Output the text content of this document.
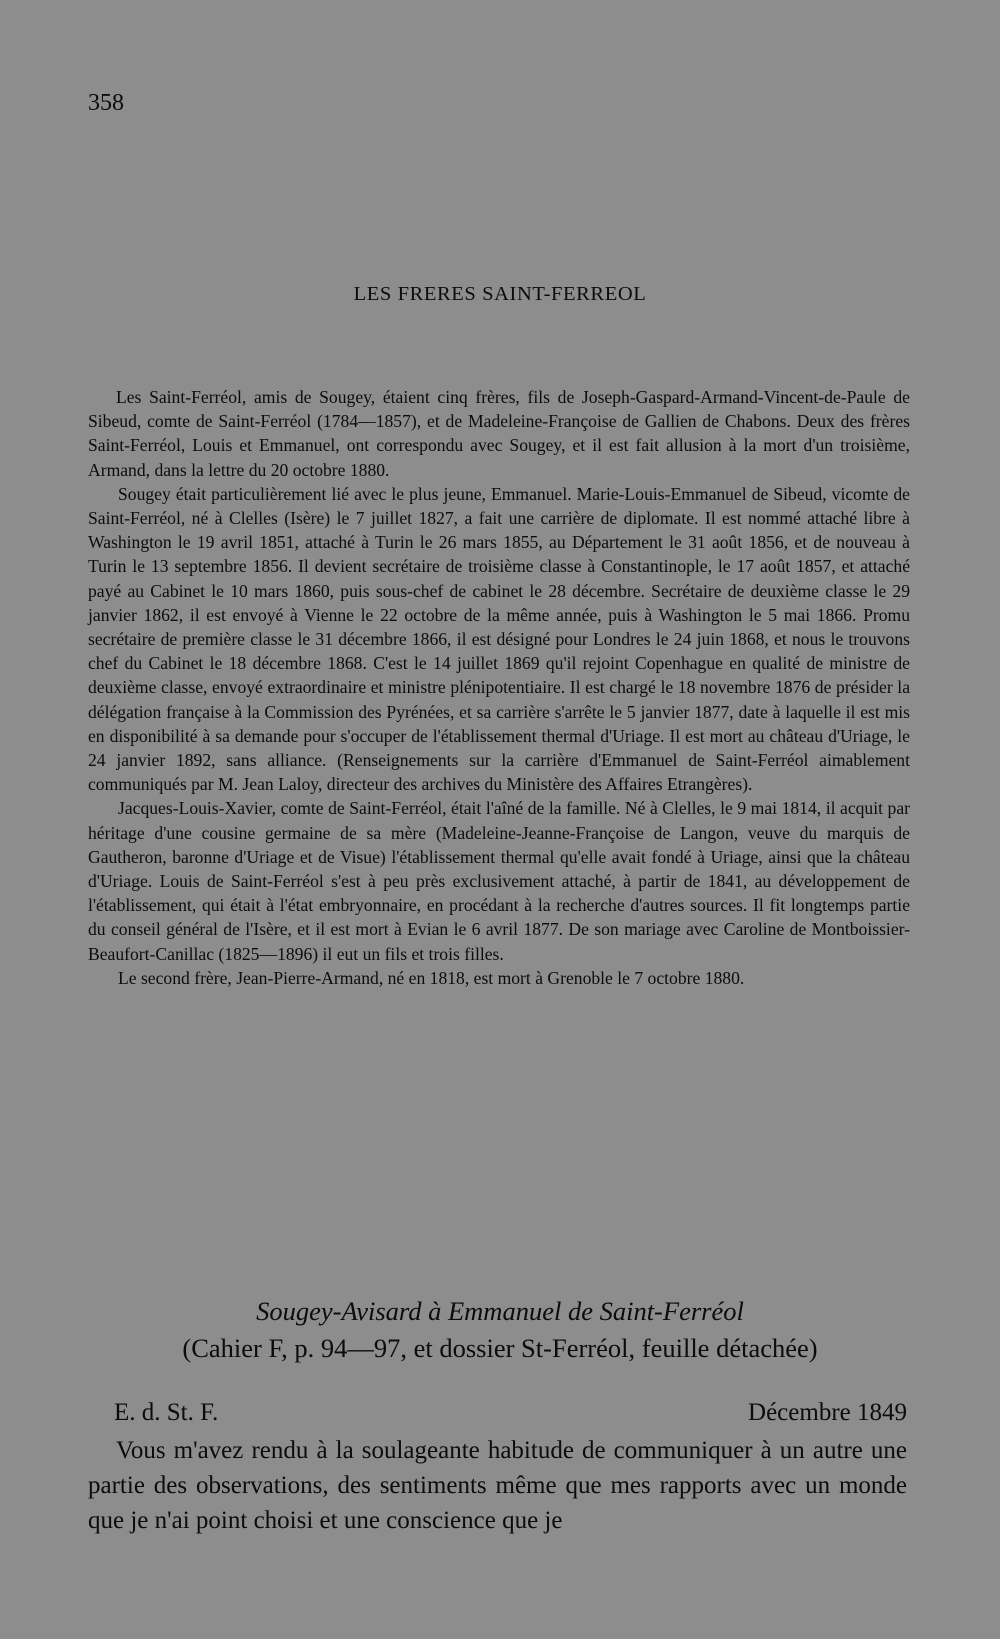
358
LES FRERES SAINT-FERREOL

Les Saint-Ferréol, amis de Sougey, étaient cinq frères, fils de Joseph-Gaspard-Armand-Vincent-de-Paule de Sibeud, comte de Saint-Ferréol (1784—1857), et de Madeleine-Françoise de Gallien de Chabons. Deux des frères Saint-Ferréol, Louis et Emmanuel, ont correspondu avec Sougey, et il est fait allusion à la mort d'un troisième, Armand, dans la lettre du 20 octobre 1880.

Sougey était particulièrement lié avec le plus jeune, Emmanuel. Marie-Louis-Emmanuel de Sibeud, vicomte de Saint-Ferréol, né à Clelles (Isère) le 7 juillet 1827, a fait une carrière de diplomate. Il est nommé attaché libre à Washington le 19 avril 1851, attaché à Turin le 26 mars 1855, au Département le 31 août 1856, et de nouveau à Turin le 13 septembre 1856. Il devient secrétaire de troisième classe à Constantinople, le 17 août 1857, et attaché payé au Cabinet le 10 mars 1860, puis sous-chef de cabinet le 28 décembre. Secrétaire de deuxième classe le 29 janvier 1862, il est envoyé à Vienne le 22 octobre de la même année, puis à Washington le 5 mai 1866. Promu secrétaire de première classe le 31 décembre 1866, il est désigné pour Londres le 24 juin 1868, et nous le trouvons chef du Cabinet le 18 décembre 1868. C'est le 14 juillet 1869 qu'il rejoint Copenhague en qualité de ministre de deuxième classe, envoyé extraordinaire et ministre plénipotentiaire. Il est chargé le 18 novembre 1876 de présider la délégation française à la Commission des Pyrénées, et sa carrière s'arrête le 5 janvier 1877, date à laquelle il est mis en disponibilité à sa demande pour s'occuper de l'établissement thermal d'Uriage. Il est mort au château d'Uriage, le 24 janvier 1892, sans alliance. (Renseignements sur la carrière d'Emmanuel de Saint-Ferréol aimablement communiqués par M. Jean Laloy, directeur des archives du Ministère des Affaires Etrangères).

Jacques-Louis-Xavier, comte de Saint-Ferréol, était l'aîné de la famille. Né à Clelles, le 9 mai 1814, il acquit par héritage d'une cousine germaine de sa mère (Madeleine-Jeanne-Françoise de Langon, veuve du marquis de Gautheron, baronne d'Uriage et de Visue) l'établissement thermal qu'elle avait fondé à Uriage, ainsi que la château d'Uriage. Louis de Saint-Ferréol s'est à peu près exclusivement attaché, à partir de 1841, au développement de l'établissement, qui était à l'état embryonnaire, en procédant à la recherche d'autres sources. Il fit longtemps partie du conseil général de l'Isère, et il est mort à Evian le 6 avril 1877. De son mariage avec Caroline de Montboissier-Beaufort-Canillac (1825—1896) il eut un fils et trois filles.

Le second frère, Jean-Pierre-Armand, né en 1818, est mort à Grenoble le 7 octobre 1880.

Sougey-Avisard à Emmanuel de Saint-Ferréol
(Cahier F, p. 94—97, et dossier St-Ferréol, feuille détachée)
E. d. St. F.	Décembre 1849

Vous m'avez rendu à la soulageante habitude de communiquer à un autre une partie des observations, des sentiments même que mes rapports avec un monde que je n'ai point choisi et une conscience que je
